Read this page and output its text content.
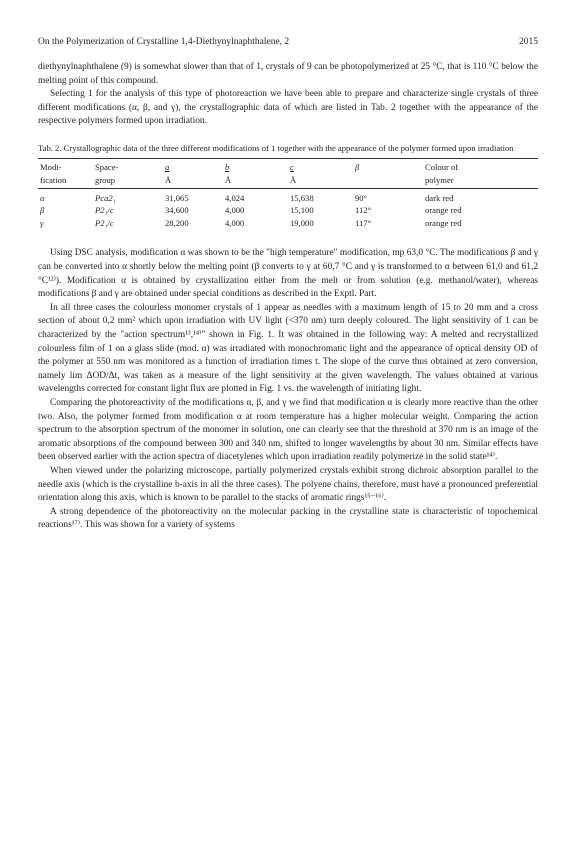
On the Polymerization of Crystalline 1,4-Diethynylnaphthalene, 2	2015

diethynylnaphthalene (9) is somewhat slower than that of 1, crystals of 9 can be photopolymerized at 25 °C, that is 110 °C below the melting point of this compound.

Selecting 1 for the analysis of this type of photoreaction we have been able to prepare and characterize single crystals of three different modifications (α, β, and γ), the crystallographic data of which are listed in Tab. 2 together with the appearance of the respective polymers formed upon irradiation.

Tab. 2. Crystallographic data of the three different modifications of 1 together with the appearance of the polymer formed upon irradiation
Modi-	Space-	a	b	c	β	Colour of
fication	group	Å	Å	Å		polymer
α	Pca2₁	31,065	4,024	15,638	90°	dark red
β	P2₁/c	34,600	4,000	15,100	112°	orange red
γ	P2₁/c	28,200	4,000	19,000	117°	orange red

Using DSC analysis, modification α was shown to be the "high temperature" modification, mp 63,0 °C. The modifications β and γ can be converted into α shortly below the melting point (β converts to γ at 60,7 °C and γ is transformed to α between 61,0 and 61,2 °C¹²⁾). Modification α is obtained by crystallization either from the melt or from solution (e.g. methanol/water), whereas modifications β and γ are obtained under special conditions as described in the Exptl. Part.

In all three cases the colourless monomer crystals of 1 appear as needles with a maximum length of 15 to 20 mm and a cross section of about 0,2 mm² which upon irradiation with UV light (<370 nm) turn deeply coloured. The light sensitivity of 1 can be characterized by the "action spectrum¹³,¹⁴⁾" shown in Fig. 1. It was obtained in the following way: A melted and recrystallized colourless film of 1 on a glass slide (mod. α) was irradiated with monochromatic light and the appearance of optical density OD of the polymer at 550 nm was monitored as a function of irradiation times t. The slope of the curve thus obtained at zero conversion, namely lim ΔOD/Δt, was taken as a measure of the light sensitivity at the given wavelength. The values obtained at various wavelengths corrected for constant light flux are plotted in Fig. 1 vs. the wavelength of initiating light.

Comparing the photoreactivity of the modifications α, β, and γ we find that modification α is clearly more reactive than the other two. Also, the polymer formed from modification α at room temperature has a higher molecular weight. Comparing the action spectrum to the absorption spectrum of the monomer in solution, one can clearly see that the threshold at 370 nm is an image of the aromatic absorptions of the compound between 300 and 340 nm, shifted to longer wavelengths by about 30 nm. Similar effects have been observed earlier with the action spectra of diacetylenes which upon irradiation readily polymerize in the solid state¹⁴⁾.

When viewed under the polarizing microscope, partially polymerized crystals exhibit strong dichroic absorption parallel to the needle axis (which is the crystalline b-axis in all the three cases). The polyene chains, therefore, must have a pronounced preferential orientation along this axis, which is known to be parallel to the stacks of aromatic rings¹⁵⁻¹⁶⁾.

A strong dependence of the photoreactivity on the molecular packing in the crystalline state is characteristic of topochemical reactions¹⁷⁾. This was shown for a variety of systems
